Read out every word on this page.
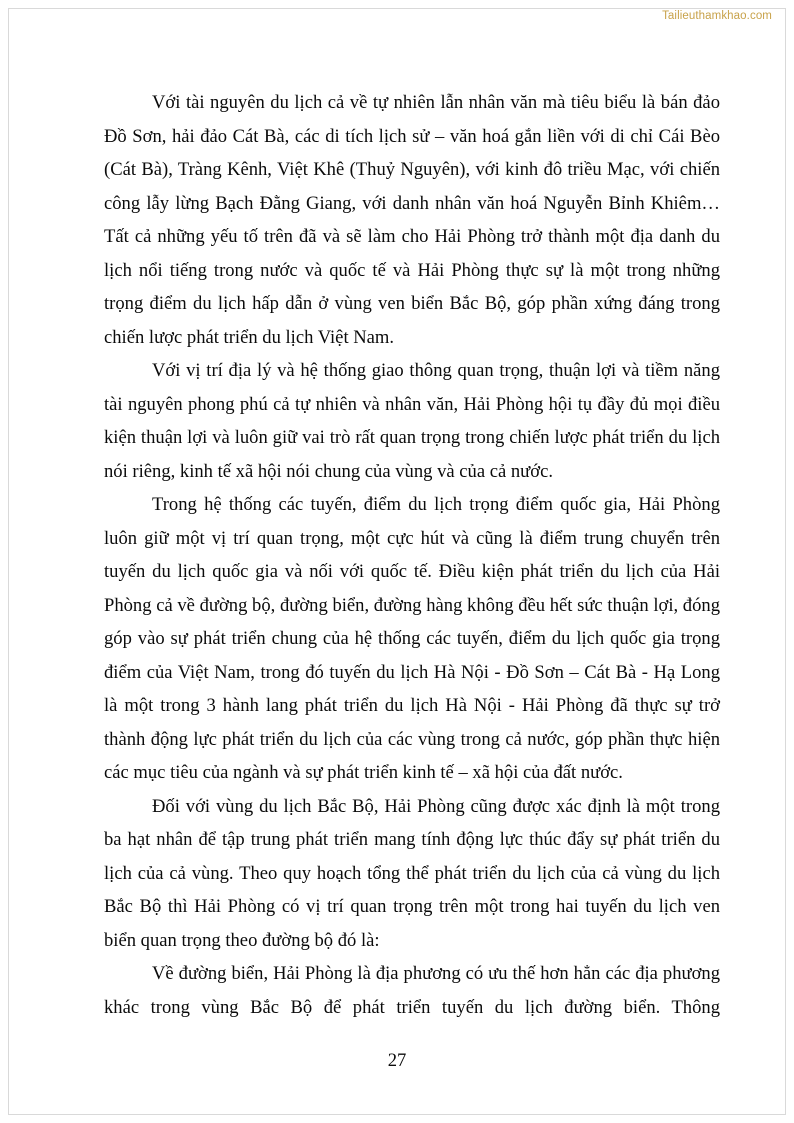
Tailieuthamkhao.com

Với tài nguyên du lịch cả về tự nhiên lẫn nhân văn mà tiêu biểu là bán đảo Đồ Sơn, hải đảo Cát Bà, các di tích lịch sử – văn hoá gắn liền với di chỉ Cái Bèo (Cát Bà), Tràng Kênh, Việt Khê (Thuỷ Nguyên), với kinh đô triều Mạc, với chiến công lẫy lừng Bạch Đằng Giang, với danh nhân văn hoá Nguyễn Bỉnh Khiêm… Tất cả những yếu tố trên đã và sẽ làm cho Hải Phòng trở thành một địa danh du lịch nổi tiếng trong nước và quốc tế và Hải Phòng thực sự là một trong những trọng điểm du lịch hấp dẫn ở vùng ven biển Bắc Bộ, góp phần xứng đáng trong chiến lược phát triển du lịch Việt Nam.

Với vị trí địa lý và hệ thống giao thông quan trọng, thuận lợi và tiềm năng tài nguyên phong phú cả tự nhiên và nhân văn, Hải Phòng hội tụ đầy đủ mọi điều kiện thuận lợi và luôn giữ vai trò rất quan trọng trong chiến lược phát triển du lịch nói riêng, kinh tế xã hội nói chung của vùng và của cả nước.

Trong hệ thống các tuyến, điểm du lịch trọng điểm quốc gia, Hải Phòng luôn giữ một vị trí quan trọng, một cực hút và cũng là điểm trung chuyển trên tuyến du lịch quốc gia và nối với quốc tế. Điều kiện phát triển du lịch của Hải Phòng cả về đường bộ, đường biển, đường hàng không đều hết sức thuận lợi, đóng góp vào sự phát triển chung của hệ thống các tuyến, điểm du lịch quốc gia trọng điểm của Việt Nam, trong đó tuyến du lịch Hà Nội - Đồ Sơn – Cát Bà - Hạ Long là một trong 3 hành lang phát triển du lịch Hà Nội - Hải Phòng đã thực sự trở thành động lực phát triển du lịch của các vùng trong cả nước, góp phần thực hiện các mục tiêu của ngành và sự phát triển kinh tế – xã hội của đất nước.

Đối với vùng du lịch Bắc Bộ, Hải Phòng cũng được xác định là một trong ba hạt nhân để tập trung phát triển mang tính động lực thúc đẩy sự phát triển du lịch của cả vùng. Theo quy hoạch tổng thể phát triển du lịch của cả vùng du lịch Bắc Bộ thì Hải Phòng có vị trí quan trọng trên một trong hai tuyến du lịch ven biển quan trọng theo đường bộ đó là:

Về đường biển, Hải Phòng là địa phương có ưu thế hơn hẳn các địa phương khác trong vùng Bắc Bộ để phát triển tuyến du lịch đường biển. Thông

27
